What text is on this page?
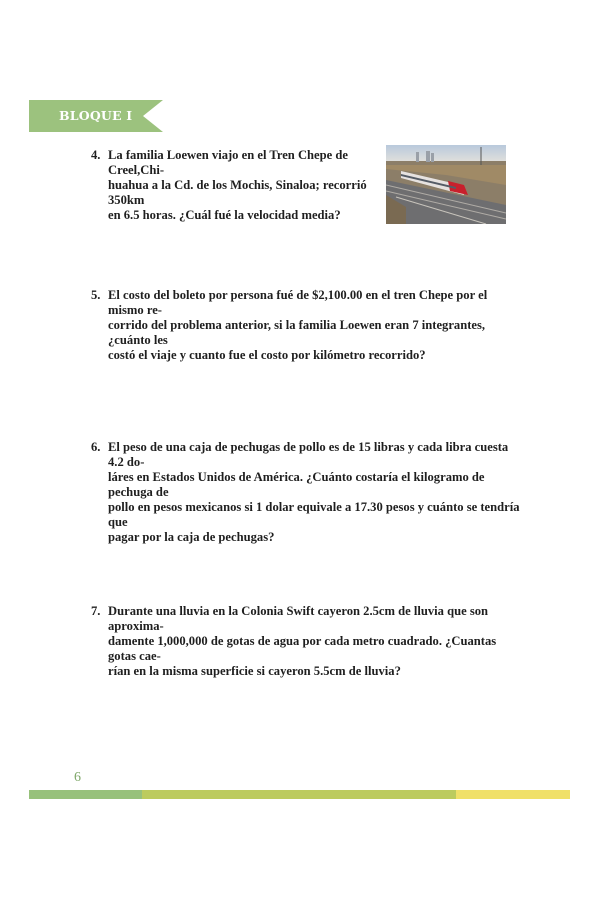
BLOQUE I
4. La familia Loewen viajo en el Tren Chepe de Creel,Chi-
huahua a la Cd. de los Mochis, Sinaloa; recorrió 350km
en 6.5 horas. ¿Cuál fué la velocidad media?
5. El costo del boleto por persona fué de $2,100.00 en el tren Chepe por el mismo re-
corrido del problema anterior, si la familia Loewen eran 7 integrantes, ¿cuánto les
costó el viaje y cuanto fue el costo por kilómetro recorrido?
6. El peso de una caja de pechugas de pollo es de 15 libras y cada libra cuesta 4.2 do-
láres en Estados Unidos de América. ¿Cuánto costaría el kilogramo de pechuga de
pollo en pesos mexicanos si 1 dolar equivale a 17.30 pesos y cuánto se tendría que
pagar por la caja de pechugas?
7. Durante una lluvia en la Colonia Swift cayeron 2.5cm de lluvia que son aproxima-
damente 1,000,000 de gotas de agua por cada metro cuadrado. ¿Cuantas gotas cae-
rían en la misma superficie si cayeron 5.5cm de lluvia?
6
